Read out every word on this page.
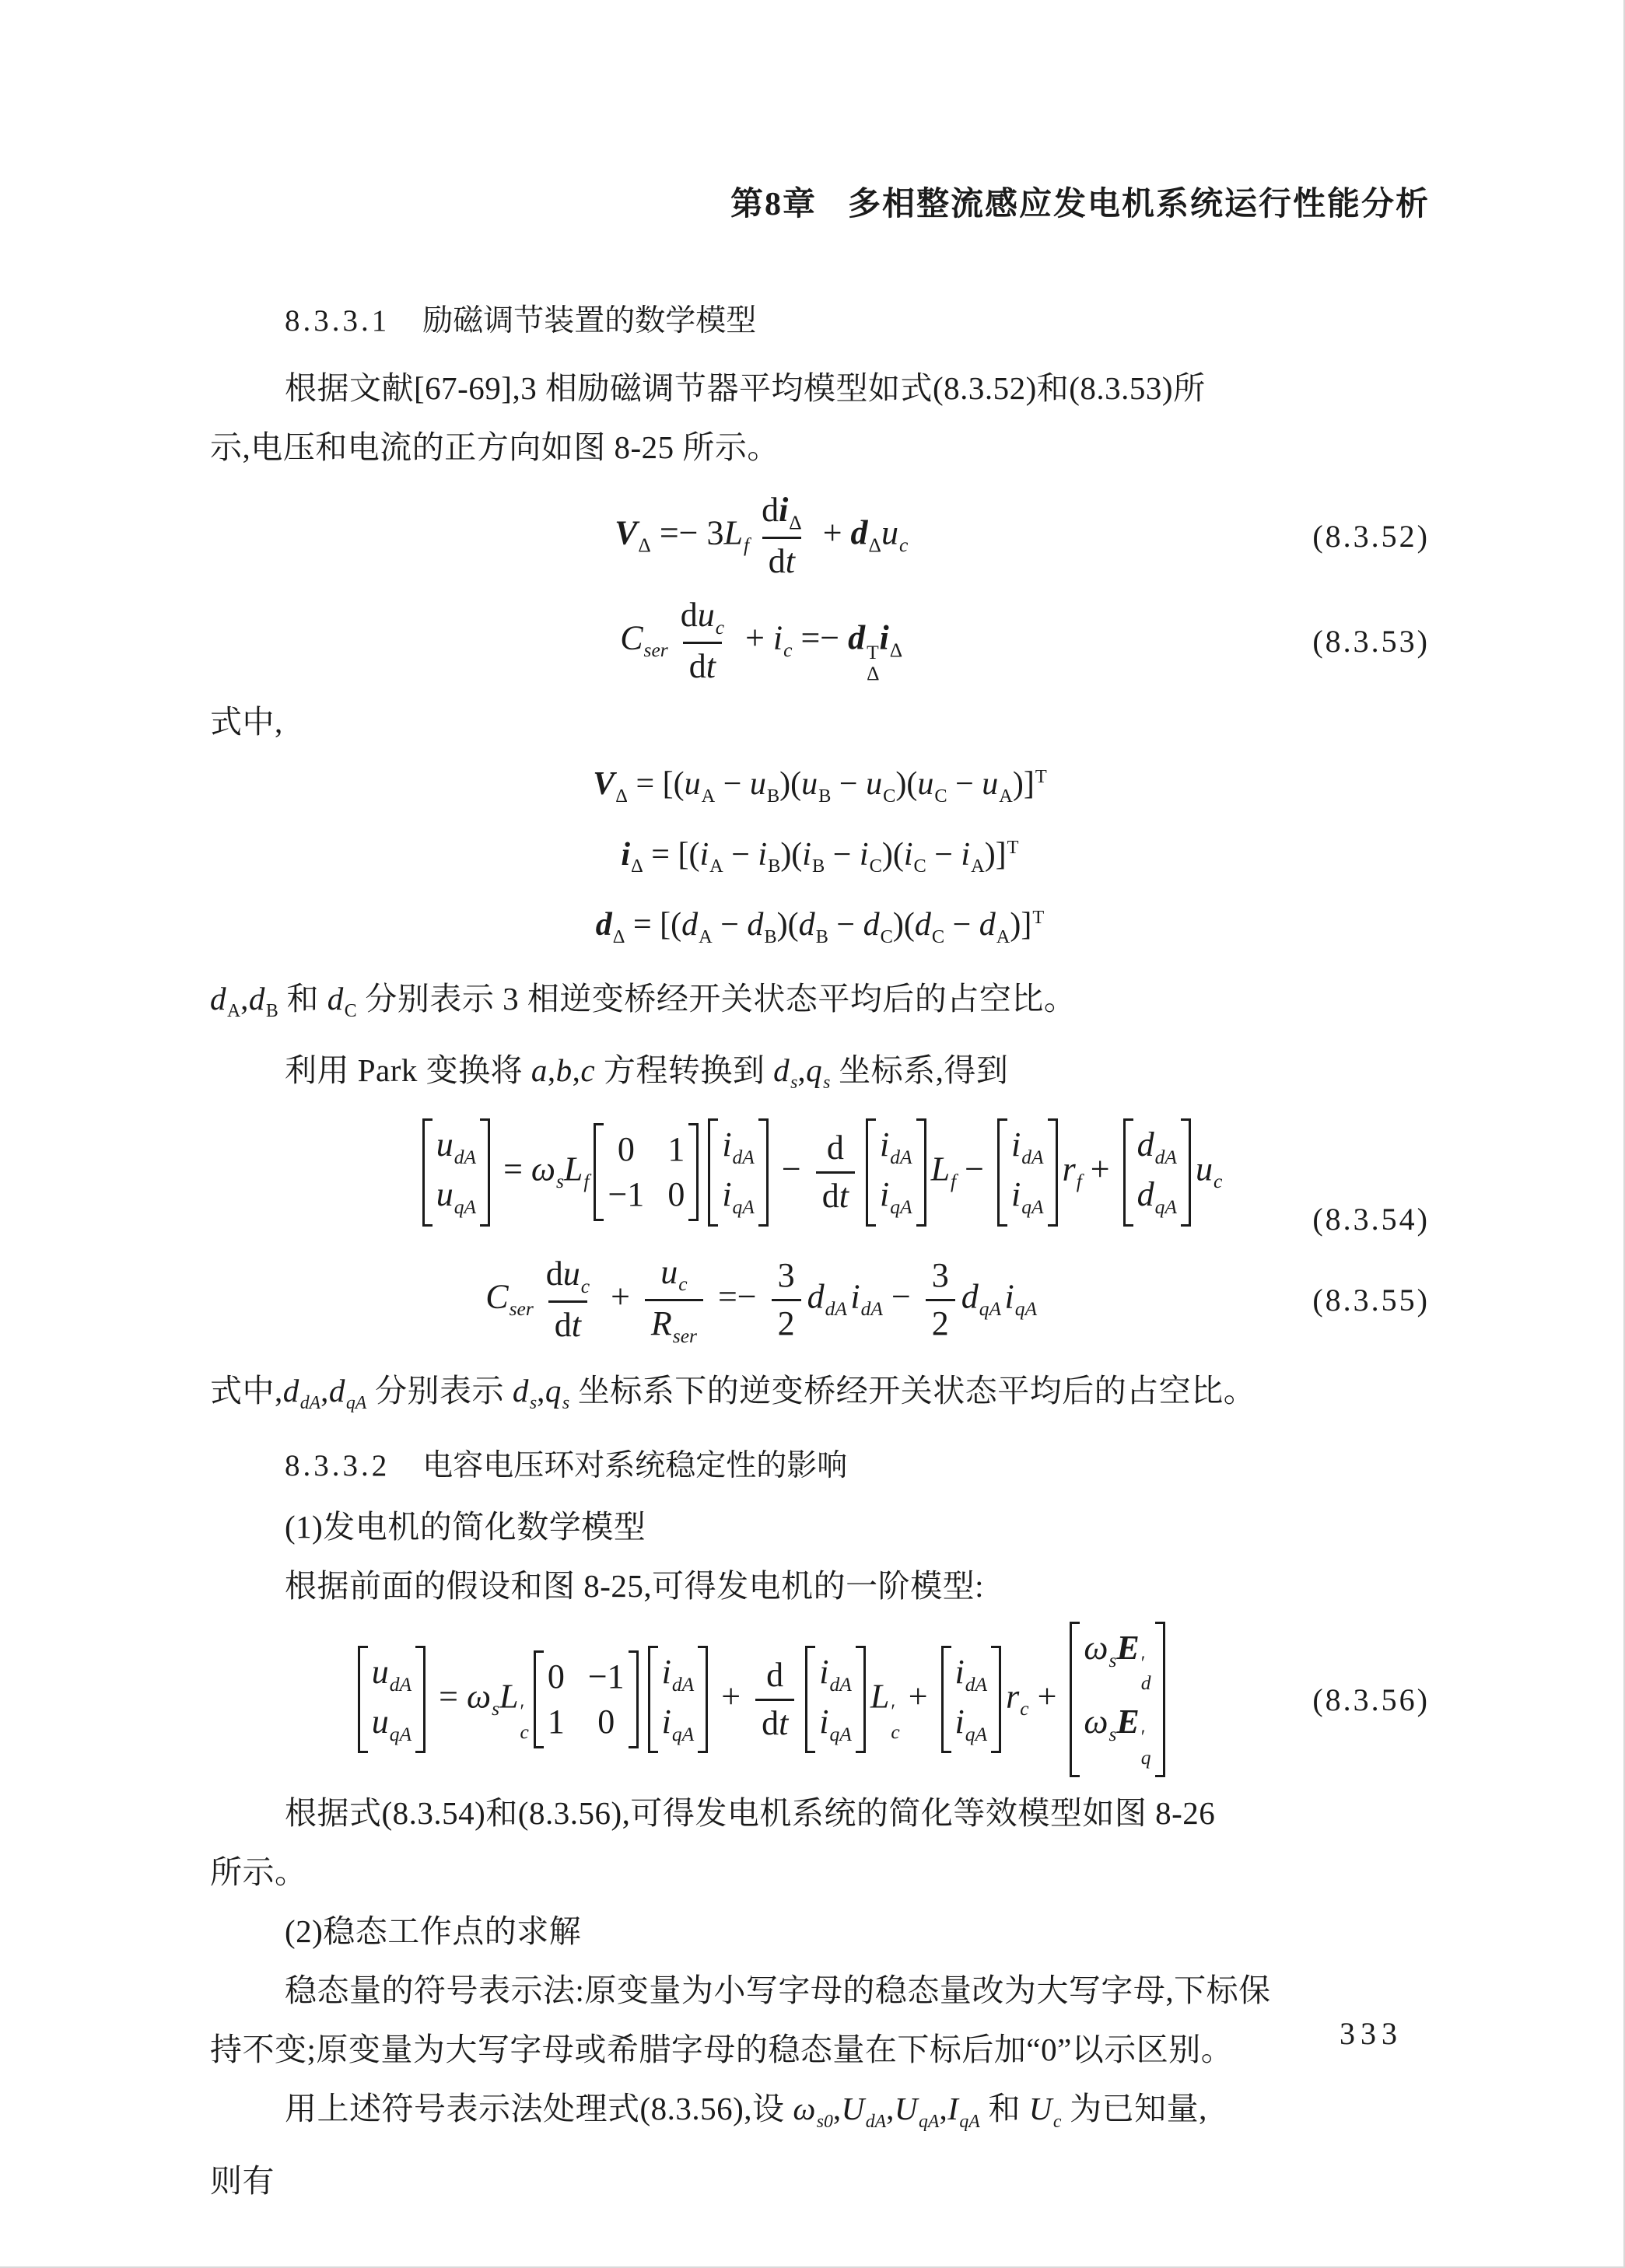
第8章 多相整流感应发电机系统运行性能分析
8.3.3.1 励磁调节装置的数学模型

根据文献[67-69],3 相励磁调节器平均模型如式(8.3.52)和(8.3.53)所

示,电压和电流的正方向如图 8-25 所示。

$V_\Delta =- 3L_f \frac{di_\Delta}{dt} + d_\Delta u_c$	(8.3.52)
$C_{ser} \frac{du_c}{dt} + i_c =- d$ T
Δ
$i_\Delta$	(8.3.53)

式中,

$V_\Delta = [(u_A - u_B)(u_B - u_C)(u_C - u_A)]^T$
$i_\Delta = [(i_A - i_B)(i_B - i_C)(i_C - i_A)]^T$
$d_\Delta = [(d_A - d_B)(d_B - d_C)(d_C - d_A)]^T$

$d_A,d_B$ 和 $d_C$ 分别表示 3 相逆变桥经开关状态平均后的占空比。

利用 Park 变换将 a,b,c 方程转换到 $d_s,q_s$ 坐标系,得到

$u_{dA}$
$u_{qA}$
= $\omega_sL_f$
0 1
−1 0
$i_{dA}$
$i_{qA}$
− $\frac{d}{dt} i_{dA}$
$i_{qA}$
$L_f$ −
$i_{dA}$
$i_{qA}$
$r_f$ +
$d_{dA}$
$d_{qA}$
$u_c$
(8.3.54)
$C_{ser} \frac{du_c}{dt} + \frac{u_c}{R_{ser}} =- \frac{3}{2} d_{dA}i_{dA} - \frac{3}{2} d_{qA}i_{qA}$	(8.3.55)

式中$,d_{dA},d_{qA}$ 分别表示 $d_s,q_s$ 坐标系下的逆变桥经开关状态平均后的占空比。

8.3.3.2 电容电压环对系统稳定性的影响

(1)发电机的简化数学模型

根据前面的假设和图 8-25,可得发电机的一阶模型:

$u_{dA}$
$u_{qA}$
= $\omega_sL$ ′
c
0 −1
1 0
$i_{dA}$
$i_{qA}$
+ $\frac{d}{dt} i_{dA}$
$i_{qA}$
L ′
c
+
$i_{dA}$
$i_{qA}$
$r_c$ +
$\omega_sE$ ′
d
$\omega_sE$ ′
q
(8.3.56)

根据式(8.3.54)和(8.3.56),可得发电机系统的简化等效模型如图 8-26

所示。

(2)稳态工作点的求解

稳态量的符号表示法:原变量为小写字母的稳态量改为大写字母,下标保

持不变;原变量为大写字母或希腊字母的稳态量在下标后加“0”以示区别。

用上述符号表示法处理式(8.3.56),设 $\omega_{s0},U_{dA},U_{qA},I_{qA}$ 和 $U_c$ 为已知量,

则有

333
